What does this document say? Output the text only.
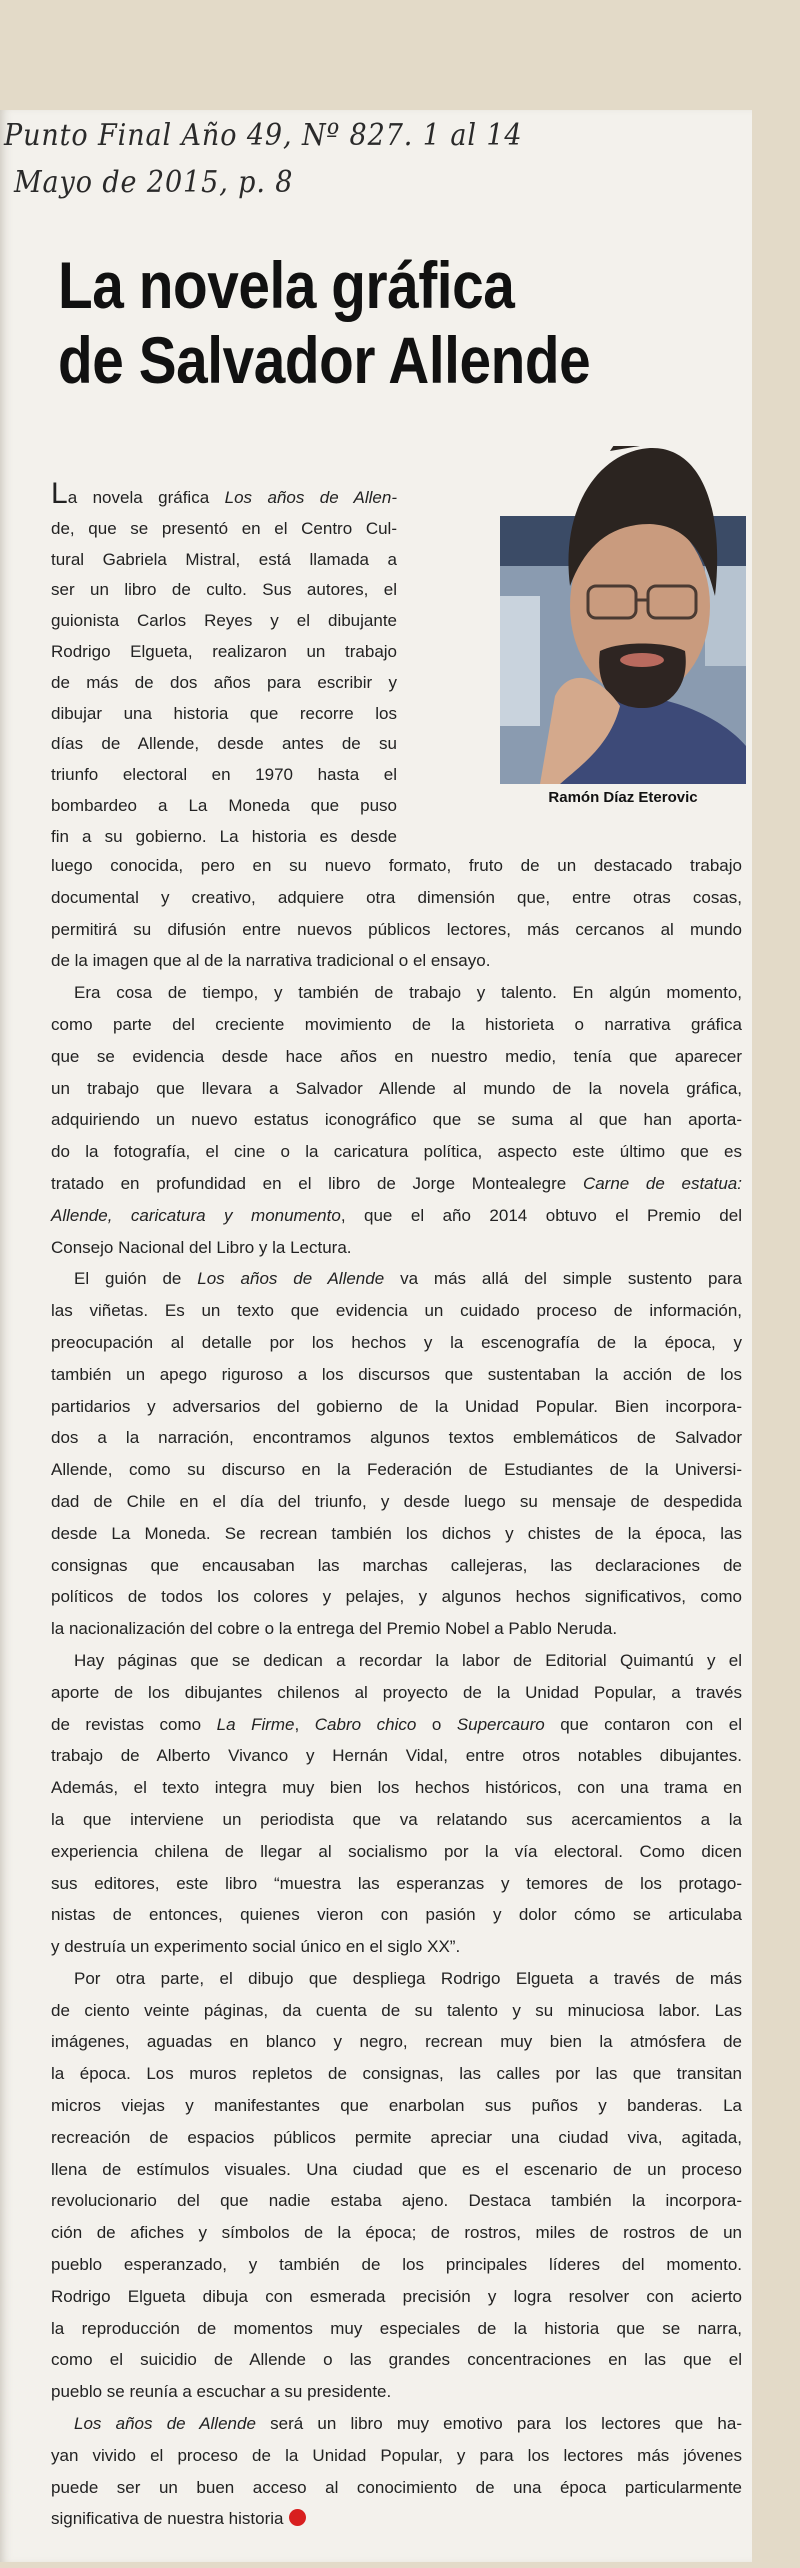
Punto Final Año 49, Nº 827. 1 al 14
Mayo de 2015, p. 8
La novela gráfica
de Salvador Allende
La novela gráfica Los años de Allen-
de, que se presentó en el Centro Cul-
tural Gabriela Mistral, está llamada a
ser un libro de culto. Sus autores, el
guionista Carlos Reyes y el dibujante
Rodrigo Elgueta, realizaron un trabajo
de más de dos años para escribir y
dibujar una historia que recorre los
días de Allende, desde antes de su
triunfo electoral en 1970 hasta el
bombardeo a La Moneda que puso
fin a su gobierno. La historia es desde
luego conocida, pero en su nuevo formato, fruto de un destacado trabajo
documental y creativo, adquiere otra dimensión que, entre otras cosas,
permitirá su difusión entre nuevos públicos lectores, más cercanos al mundo
de la imagen que al de la narrativa tradicional o el ensayo.
Era cosa de tiempo, y también de trabajo y talento. En algún momento,
como parte del creciente movimiento de la historieta o narrativa gráfica
que se evidencia desde hace años en nuestro medio, tenía que aparecer
un trabajo que llevara a Salvador Allende al mundo de la novela gráfica,
adquiriendo un nuevo estatus iconográfico que se suma al que han aporta-
do la fotografía, el cine o la caricatura política, aspecto este último que es
tratado en profundidad en el libro de Jorge Montealegre Carne de estatua:
Allende, caricatura y monumento, que el año 2014 obtuvo el Premio del
Consejo Nacional del Libro y la Lectura.
El guión de Los años de Allende va más allá del simple sustento para
las viñetas. Es un texto que evidencia un cuidado proceso de información,
preocupación al detalle por los hechos y la escenografía de la época, y
también un apego riguroso a los discursos que sustentaban la acción de los
partidarios y adversarios del gobierno de la Unidad Popular. Bien incorpora-
dos a la narración, encontramos algunos textos emblemáticos de Salvador
Allende, como su discurso en la Federación de Estudiantes de la Universi-
dad de Chile en el día del triunfo, y desde luego su mensaje de despedida
desde La Moneda. Se recrean también los dichos y chistes de la época, las
consignas que encausaban las marchas callejeras, las declaraciones de
políticos de todos los colores y pelajes, y algunos hechos significativos, como
la nacionalización del cobre o la entrega del Premio Nobel a Pablo Neruda.
Hay páginas que se dedican a recordar la labor de Editorial Quimantú y el
aporte de los dibujantes chilenos al proyecto de la Unidad Popular, a través
de revistas como La Firme, Cabro chico o Supercauro que contaron con el
trabajo de Alberto Vivanco y Hernán Vidal, entre otros notables dibujantes.
Además, el texto integra muy bien los hechos históricos, con una trama en
la que interviene un periodista que va relatando sus acercamientos a la
experiencia chilena de llegar al socialismo por la vía electoral. Como dicen
sus editores, este libro “muestra las esperanzas y temores de los protago-
nistas de entonces, quienes vieron con pasión y dolor cómo se articulaba
y destruía un experimento social único en el siglo XX”.
Por otra parte, el dibujo que despliega Rodrigo Elgueta a través de más
de ciento veinte páginas, da cuenta de su talento y su minuciosa labor. Las
imágenes, aguadas en blanco y negro, recrean muy bien la atmósfera de
la época. Los muros repletos de consignas, las calles por las que transitan
micros viejas y manifestantes que enarbolan sus puños y banderas. La
recreación de espacios públicos permite apreciar una ciudad viva, agitada,
llena de estímulos visuales. Una ciudad que es el escenario de un proceso
revolucionario del que nadie estaba ajeno. Destaca también la incorpora-
ción de afiches y símbolos de la época; de rostros, miles de rostros de un
pueblo esperanzado, y también de los principales líderes del momento.
Rodrigo Elgueta dibuja con esmerada precisión y logra resolver con acierto
la reproducción de momentos muy especiales de la historia que se narra,
como el suicidio de Allende o las grandes concentraciones en las que el
pueblo se reunía a escuchar a su presidente.
Los años de Allende será un libro muy emotivo para los lectores que ha-
yan vivido el proceso de la Unidad Popular, y para los lectores más jóvenes
puede ser un buen acceso al conocimiento de una época particularmente
significativa de nuestra historia
Ramón Díaz Eterovic
